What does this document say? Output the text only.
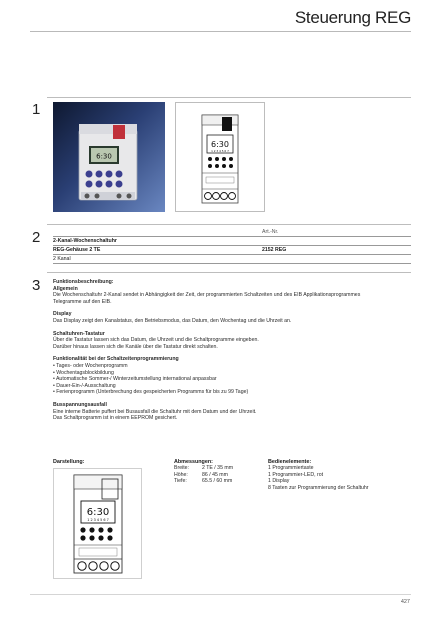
Steuerung REG
1
6:30
6:30
1 2 3 4 5 6 7
2	Art.-Nr.
2-Kanal-Wochenschaltuhr
REG-Gehäuse 2 TE	2152 REG
2 Kanal
3 Funktionsbeschreibung:
Allgemein
Die Wochenschaltuhr 2-Kanal sendet in Abhängigkeit der Zeit, der programmierten Schaltzeiten und des EIB Applikationsprogrammes
Telegramme auf den EIB.
Display
Das Display zeigt den Kanalstatus, den Betriebsmodus, das Datum, den Wochentag und die Uhrzeit an.
Schaltuhren-Tastatur
Über die Tastatur lassen sich das Datum, die Uhrzeit und die Schaltprogramme eingeben.
Darüber hinaus lassen sich die Kanäle über die Tastatur direkt schalten.
Funktionalität bei der Schaltzeitenprogrammierung
• Tages- oder Wochenprogramm
• Wochentagsblockbildung
• Automatische Sommer-/ Winterzeitumstellung international anpassbar
• Dauer-Ein-/-Ausschaltung
• Ferienprogramm (Unterbrechung des gespeicherten Programms für bis zu 99 Tage)
Busspannungsausfall
Eine interne Batterie puffert bei Busausfall die Schaltuhr mit dem Datum und der Uhrzeit.
Das Schaltprogramm ist in einem EEPROM gesichert.
Darstellung:
6:30
1 2 3 4 5 6 7
Abmessungen:
Breite:	2 TE / 35 mm
Höhe:	86 / 45 mm
Tiefe:	65.5 / 60 mm
Bedienelemente:
1 Programmiertaste
1 Programmier-LED, rot
1 Display
8 Tasten zur Programmierung der Schaltuhr
427
